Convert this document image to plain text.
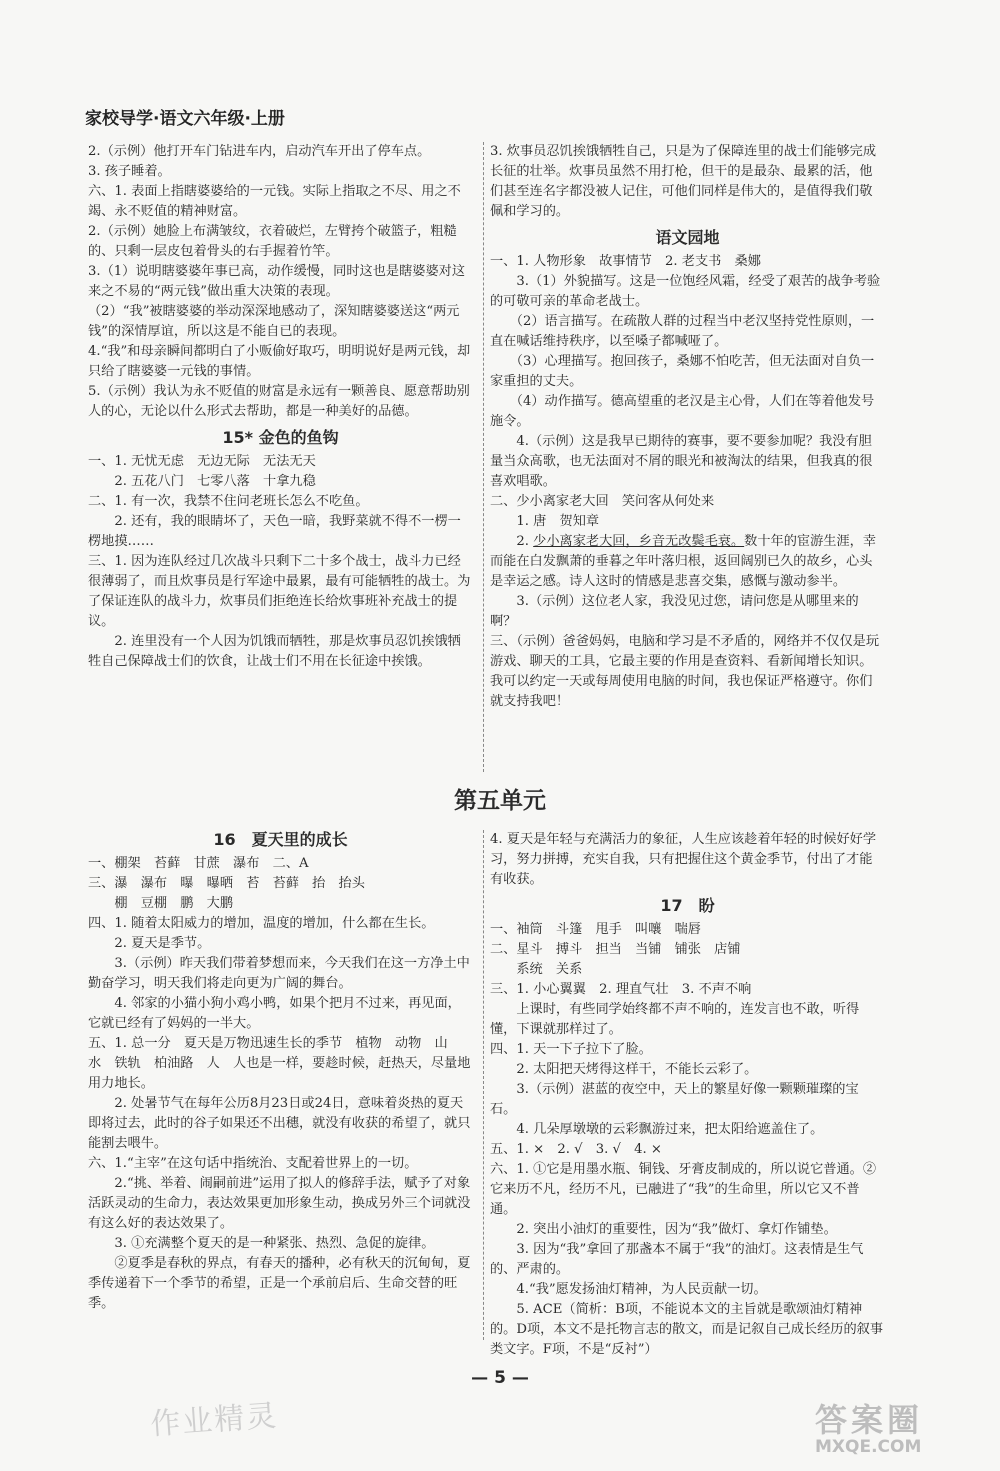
家校导学·语文六年级·上册

2.（示例）他打开车门钻进车内，启动汽车开出了停车点。

3. 孩子睡着。

六、1. 表面上指瞎婆婆给的一元钱。实际上指取之不尽、用之不竭、永不贬值的精神财富。

2.（示例）她脸上布满皱纹，衣着破烂，左臂挎个破篮子，粗糙的、只剩一层皮包着骨头的右手握着竹竿。

3.（1）说明瞎婆婆年事已高，动作缓慢，同时这也是瞎婆婆对这来之不易的“两元钱”做出重大决策的表现。

（2）“我”被瞎婆婆的举动深深地感动了，深知瞎婆婆送这“两元钱”的深情厚谊，所以这是不能自已的表现。

4.“我”和母亲瞬间都明白了小贩偷好取巧，明明说好是两元钱，却只给了瞎婆婆一元钱的事情。

5.（示例）我认为永不贬值的财富是永远有一颗善良、愿意帮助别人的心，无论以什么形式去帮助，都是一种美好的品德。

15* 金色的鱼钩

一、1. 无忧无虑　无边无际　无法无天

　　2. 五花八门　七零八落　十拿九稳

二、1. 有一次，我禁不住问老班长怎么不吃鱼。

　　2. 还有，我的眼睛坏了，天色一暗，我野菜就不得不一楞一楞地摸……

三、1. 因为连队经过几次战斗只剩下二十多个战士，战斗力已经很薄弱了，而且炊事员是行军途中最累，最有可能牺牲的战士。为了保证连队的战斗力，炊事员们拒绝连长给炊事班补充战士的提议。

　　2. 连里没有一个人因为饥饿而牺牲，那是炊事员忍饥挨饿牺牲自己保障战士们的饮食，让战士们不用在长征途中挨饿。

3. 炊事员忍饥挨饿牺牲自己，只是为了保障连里的战士们能够完成长征的壮举。炊事员虽然不用打枪，但干的是最杂、最累的活，他们甚至连名字都没被人记住，可他们同样是伟大的，是值得我们敬佩和学习的。

语文园地

一、1. 人物形象　故事情节　2. 老支书　桑娜

　　3.（1）外貌描写。这是一位饱经风霜，经受了艰苦的战争考验的可敬可亲的革命老战士。

　　（2）语言描写。在疏散人群的过程当中老汉坚持党性原则，一直在喊话维持秩序，以至嗓子都喊哑了。

　　（3）心理描写。抱回孩子，桑娜不怕吃苦，但无法面对自负一家重担的丈夫。

　　（4）动作描写。德高望重的老汉是主心骨，人们在等着他发号施令。

　　4.（示例）这是我早已期待的赛事，要不要参加呢？我没有胆量当众高歌，也无法面对不屑的眼光和被淘汰的结果，但我真的很喜欢唱歌。

二、少小离家老大回　笑问客从何处来

　　1. 唐　贺知章

　　2. 少小离家老大回，乡音无改鬓毛衰。数十年的宦游生涯，幸而能在白发飘萧的垂暮之年叶落归根，返回阔别已久的故乡，心头是幸运之感。诗人这时的情感是悲喜交集，感慨与激动参半。

　　3.（示例）这位老人家，我没见过您，请问您是从哪里来的啊？

三、（示例）爸爸妈妈，电脑和学习是不矛盾的，网络并不仅仅是玩游戏、聊天的工具，它最主要的作用是查资料、看新闻增长知识。我可以约定一天或每周使用电脑的时间，我也保证严格遵守。你们就支持我吧！

第五单元
16　夏天里的成长

一、棚架　苔藓　甘蔗　瀑布　二、A

三、瀑　瀑布　曝　曝晒　苔　苔藓　抬　抬头

　　棚　豆棚　鹏　大鹏

四、1. 随着太阳威力的增加，温度的增加，什么都在生长。

　　2. 夏天是季节。

　　3.（示例）昨天我们带着梦想而来，今天我们在这一方净土中勤奋学习，明天我们将走向更为广阔的舞台。

　　4. 邻家的小猫小狗小鸡小鸭，如果个把月不过来，再见面，它就已经有了妈妈的一半大。

五、1. 总一分　夏天是万物迅速生长的季节　植物　动物　山　水　铁轨　柏油路　人　人也是一样，要趁时候，赶热天，尽量地用力地长。

　　2. 处暑节气在每年公历8月23日或24日，意味着炎热的夏天即将过去，此时的谷子如果还不出穗，就没有收获的希望了，就只能割去喂牛。

六、1.“主宰”在这句话中指统治、支配着世界上的一切。

　　2.“挑、举着、闹嗣前进”运用了拟人的修辞手法，赋予了对象活跃灵动的生命力，表达效果更加形象生动，换成另外三个词就没有这么好的表达效果了。

　　3. ①充满整个夏天的是一种紧张、热烈、急促的旋律。

　　②夏季是春秋的界点，有春天的播种，必有秋天的沉甸甸，夏季传递着下一个季节的希望，正是一个承前启后、生命交替的旺季。

4. 夏天是年轻与充满活力的象征，人生应该趁着年轻的时候好好学习，努力拼搏，充实自我，只有把握住这个黄金季节，付出了才能有收获。

17　盼

一、袖筒　斗篷　甩手　叫嚷　喘唇

二、星斗　搏斗　担当　当铺　铺张　店铺

　　系统　关系

三、1. 小心翼翼　2. 理直气壮　3. 不声不响

　　上课时，有些同学始终都不声不响的，连发言也不敢，听得懂，下课就那样过了。

四、1. 天一下子拉下了脸。

　　2. 太阳把天烤得这样干，不能长云彩了。

　　3.（示例）湛蓝的夜空中，天上的繁星好像一颗颗璀璨的宝石。

　　4. 几朵厚墩墩的云彩飘游过来，把太阳给遮盖住了。

五、1. ×　2. √　3. √　4. ×

六、1. ①它是用墨水瓶、铜钱、牙膏皮制成的，所以说它普通。②它来历不凡，经历不凡，已融进了“我”的生命里，所以它又不普通。

　　2. 突出小油灯的重要性，因为“我”做灯、拿灯作铺垫。

　　3. 因为“我”拿回了那盏本不属于“我”的油灯。这表情是生气的、严肃的。

　　4.“我”愿发扬油灯精神，为人民贡献一切。

　　5. ACE（简析：B项，不能说本文的主旨就是歌颂油灯精神的。D项，本文不是托物言志的散文，而是记叙自己成长经历的叙事类文字。F项，不是“反衬”）

— 5 —
作业精灵	答案圈
MXQE.COM
